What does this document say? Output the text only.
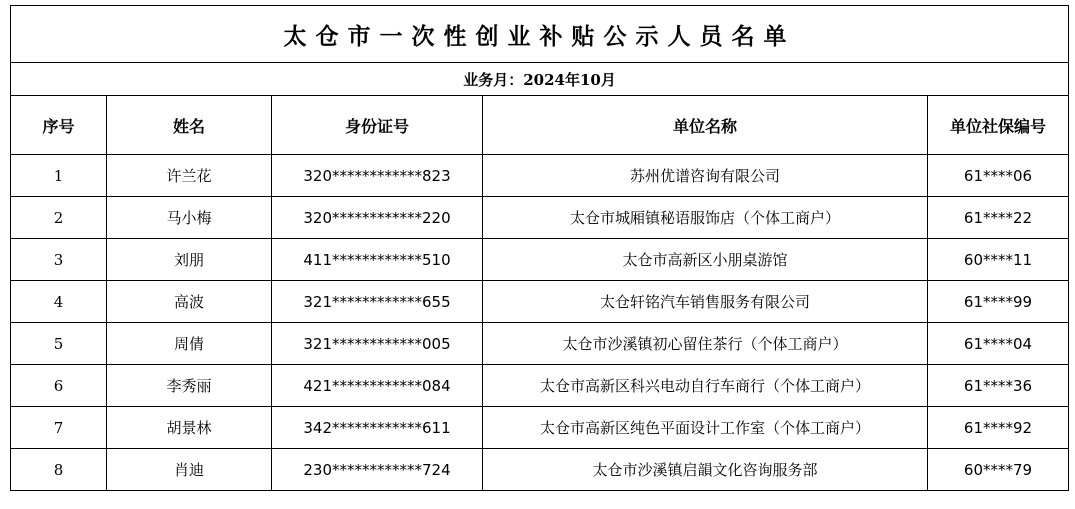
太仓市一次性创业补贴公示人员名单				
业务月：2024年10月				
序号	姓名	身份证号	单位名称	单位社保编号
1	许兰花	320************823	苏州优谱咨询有限公司	61****06
2	马小梅	320************220	太仓市城厢镇秘语服饰店（个体工商户）	61****22
3	刘朋	411************510	太仓市高新区小朋桌游馆	60****11
4	高波	321************655	太仓轩铭汽车销售服务有限公司	61****99
5	周倩	321************005	太仓市沙溪镇初心留住茶行（个体工商户）	61****04
6	李秀丽	421************084	太仓市高新区科兴电动自行车商行（个体工商户）	61****36
7	胡景林	342************611	太仓市高新区纯色平面设计工作室（个体工商户）	61****92
8	肖迪	230************724	太仓市沙溪镇启韻文化咨询服务部	60****79
